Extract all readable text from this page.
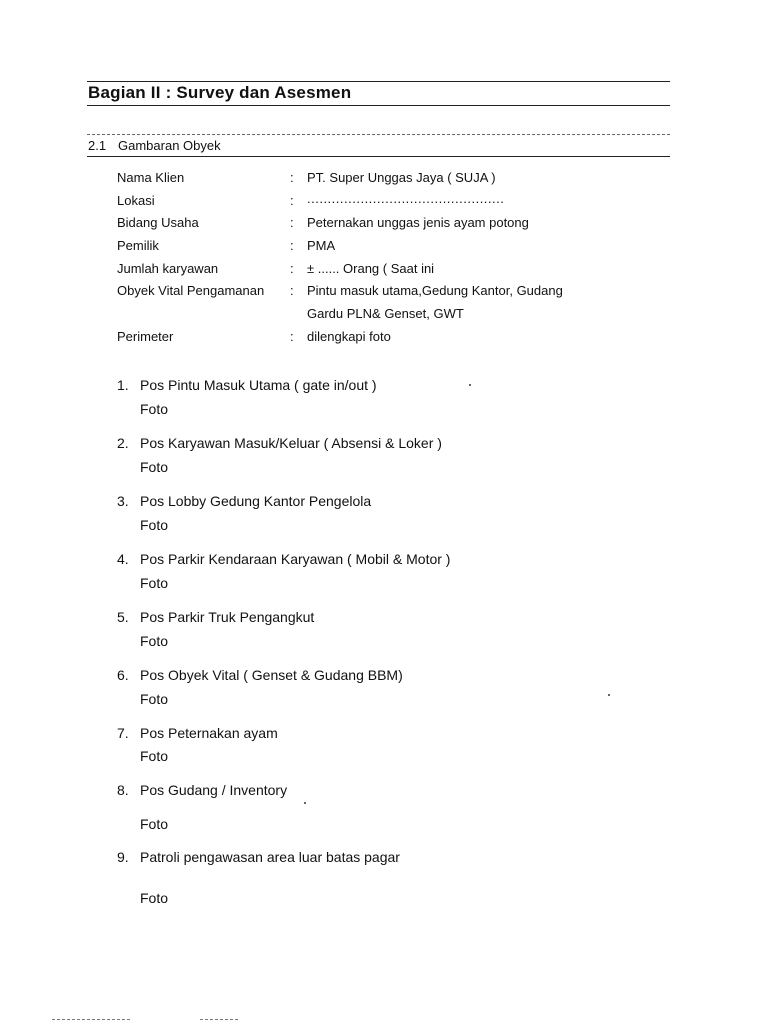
Bagian II : Survey dan Asesmen
2.1 Gambaran Obyek
Nama Klien	: PT. Super Unggas Jaya ( SUJA )
Lokasi	: ................................................
Bidang Usaha	: Peternakan unggas jenis ayam potong
Pemilik	: PMA
Jumlah karyawan	: ± ...... Orang ( Saat ini
Obyek Vital Pengamanan : Pintu masuk utama,Gedung Kantor, Gudang
Gardu PLN& Genset, GWT
Perimeter	: dilengkapi foto
1. Pos Pintu Masuk Utama ( gate in/out )
Foto
2. Pos Karyawan Masuk/Keluar ( Absensi & Loker )
Foto
3. Pos Lobby Gedung Kantor Pengelola
Foto
4. Pos Parkir Kendaraan Karyawan ( Mobil & Motor )
Foto
5. Pos Parkir Truk Pengangkut
Foto
6. Pos Obyek Vital ( Genset & Gudang BBM)
Foto
7. Pos Peternakan ayam
Foto
8. Pos Gudang / Inventory
Foto
9. Patroli pengawasan area luar batas pagar
Foto
